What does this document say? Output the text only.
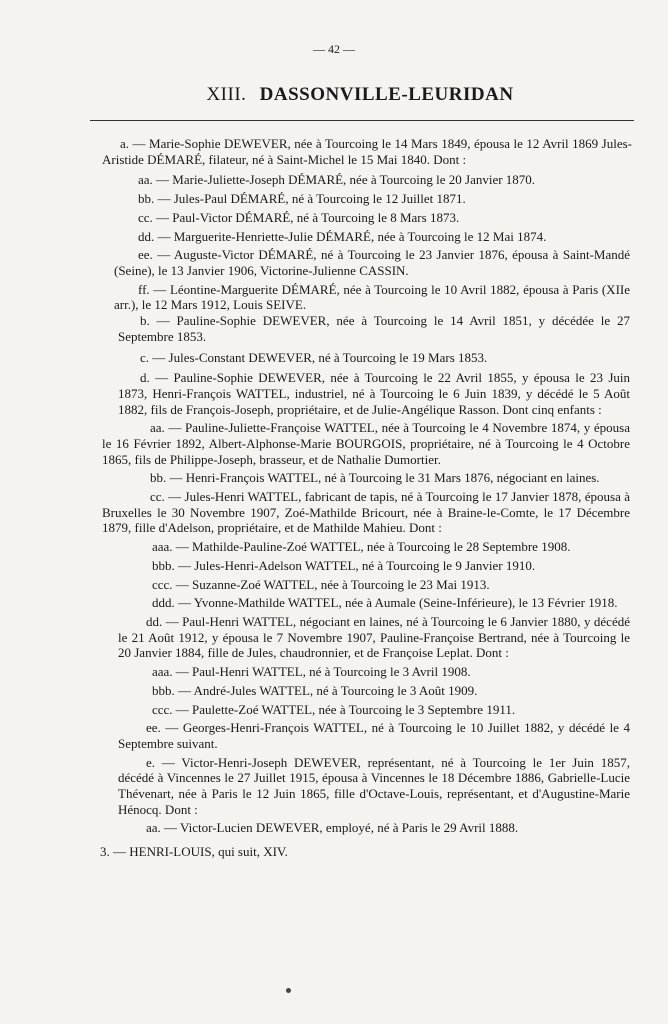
— 42 —
XIII. DASSONVILLE-LEURIDAN

a. — Marie-Sophie DEWEVER, née à Tourcoing le 14 Mars 1849, épousa le 12 Avril 1869 Jules-Aristide DÉMARÉ, filateur, né à Saint-Michel le 15 Mai 1840. Dont :

aa. — Marie-Juliette-Joseph DÉMARÉ, née à Tourcoing le 20 Janvier 1870.

bb. — Jules-Paul DÉMARÉ, né à Tourcoing le 12 Juillet 1871.

cc. — Paul-Victor DÉMARÉ, né à Tourcoing le 8 Mars 1873.

dd. — Marguerite-Henriette-Julie DÉMARÉ, née à Tourcoing le 12 Mai 1874.

ee. — Auguste-Victor DÉMARÉ, né à Tourcoing le 23 Janvier 1876, épousa à Saint-Mandé (Seine), le 13 Janvier 1906, Victorine-Julienne CASSIN.

ff. — Léontine-Marguerite DÉMARÉ, née à Tourcoing le 10 Avril 1882, épousa à Paris (XIIe arr.), le 12 Mars 1912, Louis SEIVE.

b. — Pauline-Sophie DEWEVER, née à Tourcoing le 14 Avril 1851, y décédée le 27 Septembre 1853.

c. — Jules-Constant DEWEVER, né à Tourcoing le 19 Mars 1853.

d. — Pauline-Sophie DEWEVER, née à Tourcoing le 22 Avril 1855, y épousa le 23 Juin 1873, Henri-François WATTEL, industriel, né à Tourcoing le 6 Juin 1839, y décédé le 5 Août 1882, fils de François-Joseph, propriétaire, et de Julie-Angélique Rasson. Dont cinq enfants :

aa. — Pauline-Juliette-Françoise WATTEL, née à Tourcoing le 4 Novembre 1874, y épousa le 16 Février 1892, Albert-Alphonse-Marie BOURGOIS, propriétaire, né à Tourcoing le 4 Octobre 1865, fils de Philippe-Joseph, brasseur, et de Nathalie Dumortier.

bb. — Henri-François WATTEL, né à Tourcoing le 31 Mars 1876, négociant en laines.

cc. — Jules-Henri WATTEL, fabricant de tapis, né à Tourcoing le 17 Janvier 1878, épousa à Bruxelles le 30 Novembre 1907, Zoé-Mathilde Bricourt, née à Braine-le-Comte, le 17 Décembre 1879, fille d'Adelson, propriétaire, et de Mathilde Mahieu. Dont :

aaa. — Mathilde-Pauline-Zoé WATTEL, née à Tourcoing le 28 Septembre 1908.

bbb. — Jules-Henri-Adelson WATTEL, né à Tourcoing le 9 Janvier 1910.

ccc. — Suzanne-Zoé WATTEL, née à Tourcoing le 23 Mai 1913.

ddd. — Yvonne-Mathilde WATTEL, née à Aumale (Seine-Inférieure), le 13 Février 1918.

dd. — Paul-Henri WATTEL, négociant en laines, né à Tourcoing le 6 Janvier 1880, y décédé le 21 Août 1912, y épousa le 7 Novembre 1907, Pauline-Françoise Bertrand, née à Tourcoing le 20 Janvier 1884, fille de Jules, chaudronnier, et de Françoise Leplat. Dont :

aaa. — Paul-Henri WATTEL, né à Tourcoing le 3 Avril 1908.

bbb. — André-Jules WATTEL, né à Tourcoing le 3 Août 1909.

ccc. — Paulette-Zoé WATTEL, née à Tourcoing le 3 Septembre 1911.

ee. — Georges-Henri-François WATTEL, né à Tourcoing le 10 Juillet 1882, y décédé le 4 Septembre suivant.

e. — Victor-Henri-Joseph DEWEVER, représentant, né à Tourcoing le 1er Juin 1857, décédé à Vincennes le 27 Juillet 1915, épousa à Vincennes le 18 Décembre 1886, Gabrielle-Lucie Thévenart, née à Paris le 12 Juin 1865, fille d'Octave-Louis, représentant, et d'Augustine-Marie Hénocq. Dont :

aa. — Victor-Lucien DEWEVER, employé, né à Paris le 29 Avril 1888.

3. — HENRI-LOUIS, qui suit, XIV.
